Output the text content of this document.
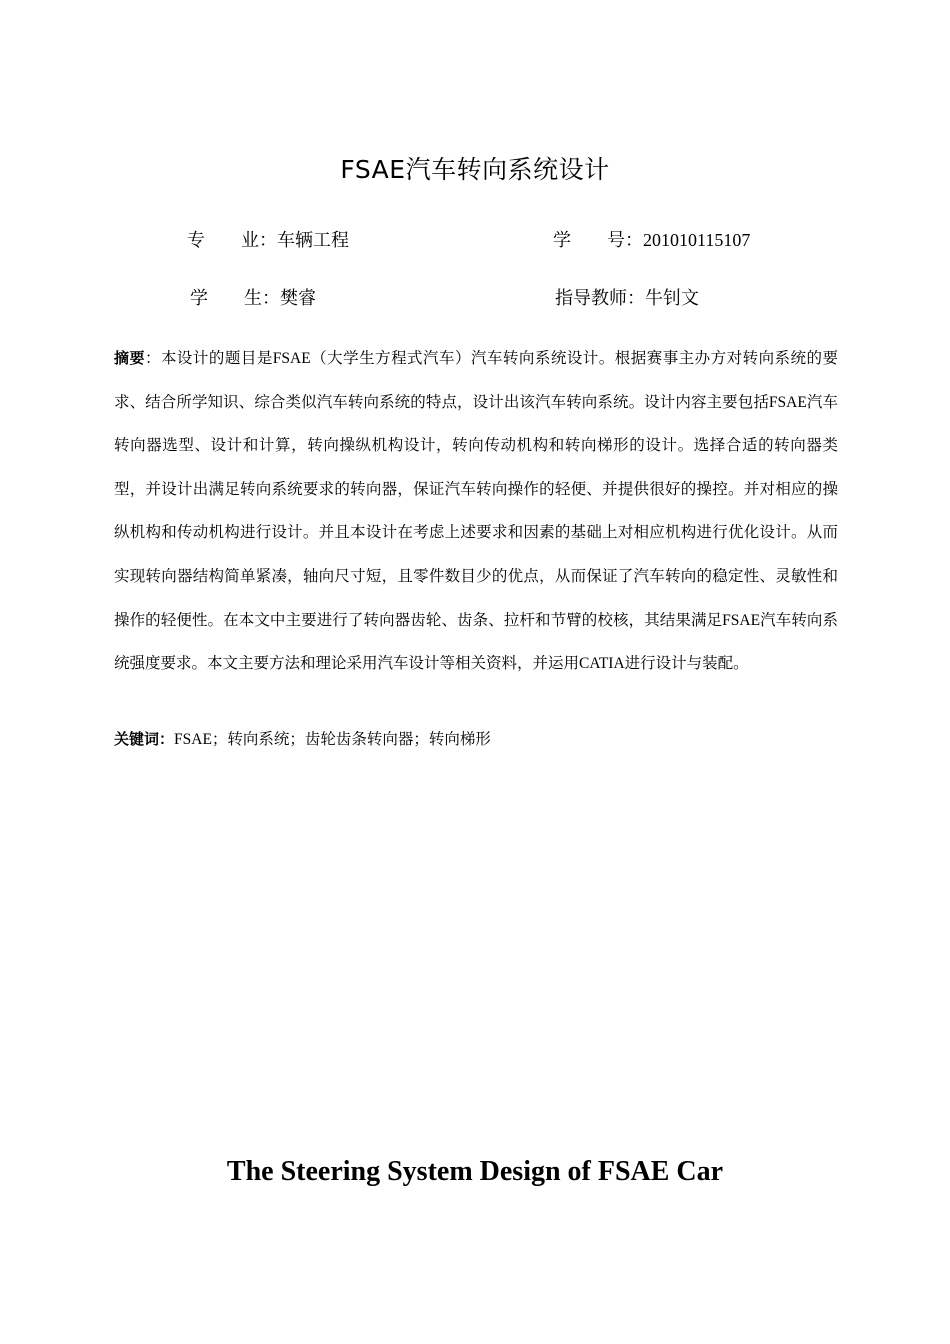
FSAE汽车转向系统设计
专　　业：车辆工程	学　　号：201010115107
学　　生：樊睿	指导教师：牛钊文
摘要：本设计的题目是FSAE（大学生方程式汽车）汽车转向系统设计。根据赛事主办方对转向系统的要求、结合所学知识、综合类似汽车转向系统的特点，设计出该汽车转向系统。设计内容主要包括FSAE汽车转向器选型、设计和计算，转向操纵机构设计，转向传动机构和转向梯形的设计。选择合适的转向器类型，并设计出满足转向系统要求的转向器，保证汽车转向操作的轻便、并提供很好的操控。并对相应的操纵机构和传动机构进行设计。并且本设计在考虑上述要求和因素的基础上对相应机构进行优化设计。从而实现转向器结构简单紧凑，轴向尺寸短，且零件数目少的优点，从而保证了汽车转向的稳定性、灵敏性和操作的轻便性。在本文中主要进行了转向器齿轮、齿条、拉杆和节臂的校核，其结果满足FSAE汽车转向系统强度要求。本文主要方法和理论采用汽车设计等相关资料，并运用CATIA进行设计与装配。
关键词：FSAE；转向系统；齿轮齿条转向器；转向梯形
The Steering System Design of FSAE Car
